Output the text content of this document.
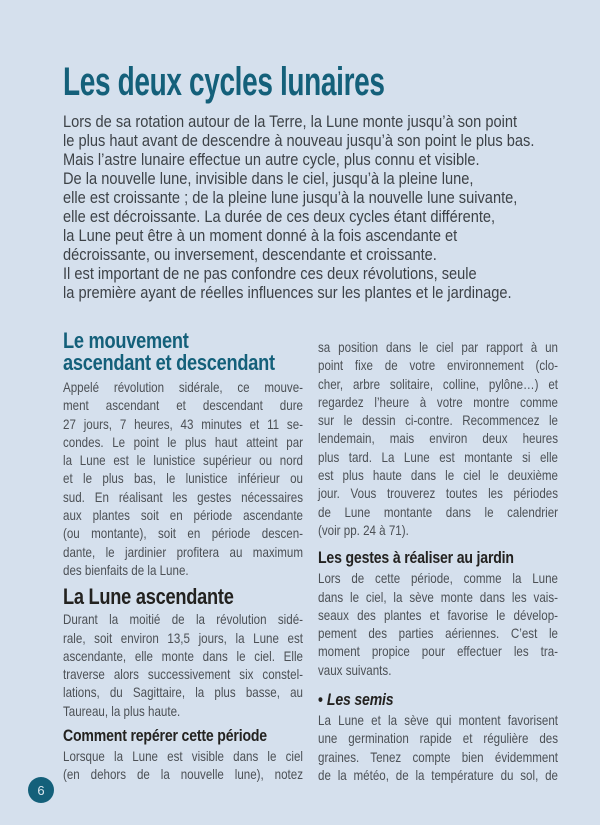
Les deux cycles lunaires
Lors de sa rotation autour de la Terre, la Lune monte jusqu’à son point
le plus haut avant de descendre à nouveau jusqu’à son point le plus bas.
Mais l’astre lunaire effectue un autre cycle, plus connu et visible.
De la nouvelle lune, invisible dans le ciel, jusqu’à la pleine lune,
elle est croissante ; de la pleine lune jusqu’à la nouvelle lune suivante,
elle est décroissante. La durée de ces deux cycles étant différente,
la Lune peut être à un moment donné à la fois ascendante et
décroissante, ou inversement, descendante et croissante.
Il est important de ne pas confondre ces deux révolutions, seule
la première ayant de réelles influences sur les plantes et le jardinage.
Le mouvement
ascendant et descendant
Appelé révolution sidérale, ce mouve-
ment ascendant et descendant dure
27 jours, 7 heures, 43 minutes et 11 se-
condes. Le point le plus haut atteint par
la Lune est le lunistice supérieur ou nord
et le plus bas, le lunistice inférieur ou
sud. En réalisant les gestes nécessaires
aux plantes soit en période ascendante
(ou montante), soit en période descen-
dante, le jardinier profitera au maximum
des bienfaits de la Lune.
La Lune ascendante
Durant la moitié de la révolution sidé-
rale, soit environ 13,5 jours, la Lune est
ascendante, elle monte dans le ciel. Elle
traverse alors successivement six constel-
lations, du Sagittaire, la plus basse, au
Taureau, la plus haute.
Comment repérer cette période
Lorsque la Lune est visible dans le ciel
(en dehors de la nouvelle lune), notez
sa position dans le ciel par rapport à un
point fixe de votre environnement (clo-
cher, arbre solitaire, colline, pylône…) et
regardez l’heure à votre montre comme
sur le dessin ci-contre. Recommencez le
lendemain, mais environ deux heures
plus tard. La Lune est montante si elle
est plus haute dans le ciel le deuxième
jour. Vous trouverez toutes les périodes
de Lune montante dans le calendrier
(voir pp. 24 à 71).
Les gestes à réaliser au jardin
Lors de cette période, comme la Lune
dans le ciel, la sève monte dans les vais-
seaux des plantes et favorise le dévelop-
pement des parties aériennes. C’est le
moment propice pour effectuer les tra-
vaux suivants.
• Les semis
La Lune et la sève qui montent favorisent
une germination rapide et régulière des
graines. Tenez compte bien évidemment
de la météo, de la température du sol, de
6
